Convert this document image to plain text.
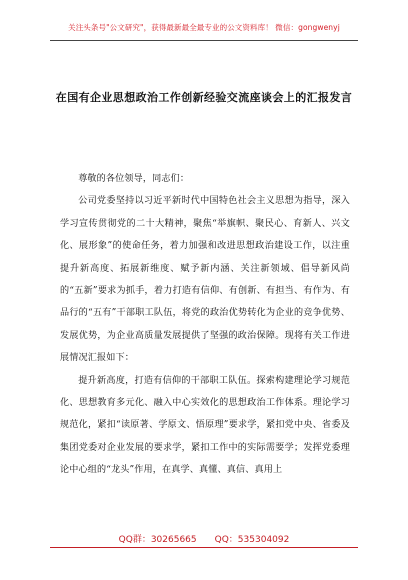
关注头条号"公文研究"，获得最新最全最专业的公文资料库！ 微信：gongwenyj
在国有企业思想政治工作创新经验交流座谈会上的汇报发言

尊敬的各位领导，同志们：

公司党委坚持以习近平新时代中国特色社会主义思想为指导，深入学习宣传贯彻党的二十大精神，聚焦“举旗帜、聚民心、育新人、兴文化、展形象”的使命任务，着力加强和改进思想政治建设工作，以注重提升新高度、拓展新维度、赋予新内涵、关注新领域、倡导新风尚的“五新”要求为抓手，着力打造有信仰、有创新、有担当、有作为、有品行的“五有”干部职工队伍，将党的政治优势转化为企业的竞争优势、发展优势，为企业高质量发展提供了坚强的政治保障。现将有关工作进展情况汇报如下：

提升新高度，打造有信仰的干部职工队伍。探索构建理论学习规范化、思想教育多元化、融入中心实效化的思想政治工作体系。理论学习规范化，紧扣“读原著、学原文、悟原理”要求学，紧扣党中央、省委及集团党委对企业发展的要求学，紧扣工作中的实际需要学；发挥党委理论中心组的“龙头”作用，在真学、真懂、真信、真用上

QQ群：30265665 QQ：535304092
